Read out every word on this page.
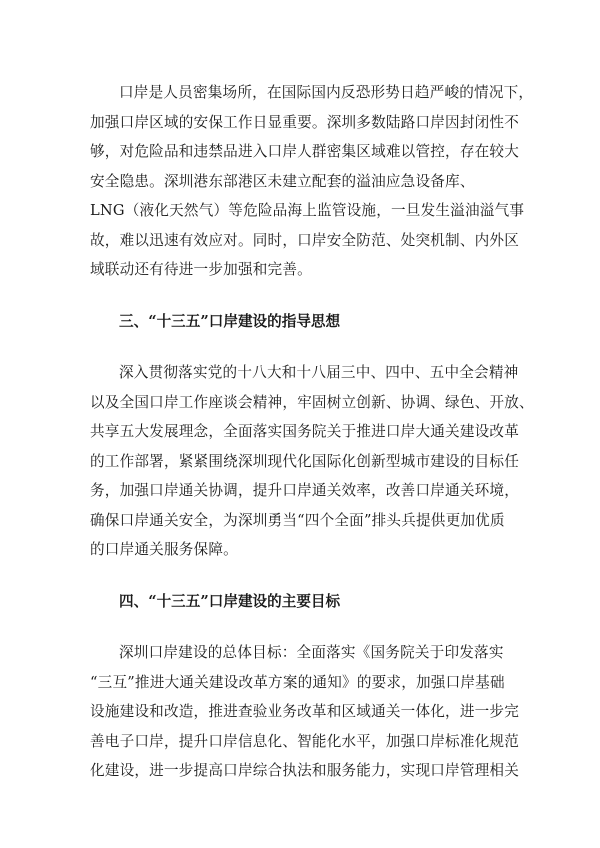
口岸是人员密集场所，在国际国内反恐形势日趋严峻的情况下，
加强口岸区域的安保工作日显重要。深圳多数陆路口岸因封闭性不
够，对危险品和违禁品进入口岸人群密集区域难以管控，存在较大
安全隐患。深圳港东部港区未建立配套的溢油应急设备库、
LNG（液化天然气）等危险品海上监管设施，一旦发生溢油溢气事
故，难以迅速有效应对。同时，口岸安全防范、处突机制、内外区
域联动还有待进一步加强和完善。

三、“十三五”口岸建设的指导思想

深入贯彻落实党的十八大和十八届三中、四中、五中全会精神
以及全国口岸工作座谈会精神，牢固树立创新、协调、绿色、开放、
共享五大发展理念，全面落实国务院关于推进口岸大通关建设改革
的工作部署，紧紧围绕深圳现代化国际化创新型城市建设的目标任
务，加强口岸通关协调，提升口岸通关效率，改善口岸通关环境，
确保口岸通关安全，为深圳勇当“四个全面”排头兵提供更加优质
的口岸通关服务保障。

四、“十三五”口岸建设的主要目标

深圳口岸建设的总体目标：全面落实《国务院关于印发落实
“三互”推进大通关建设改革方案的通知》的要求，加强口岸基础
设施建设和改造，推进查验业务改革和区域通关一体化，进一步完
善电子口岸，提升口岸信息化、智能化水平，加强口岸标准化规范
化建设，进一步提高口岸综合执法和服务能力，实现口岸管理相关
